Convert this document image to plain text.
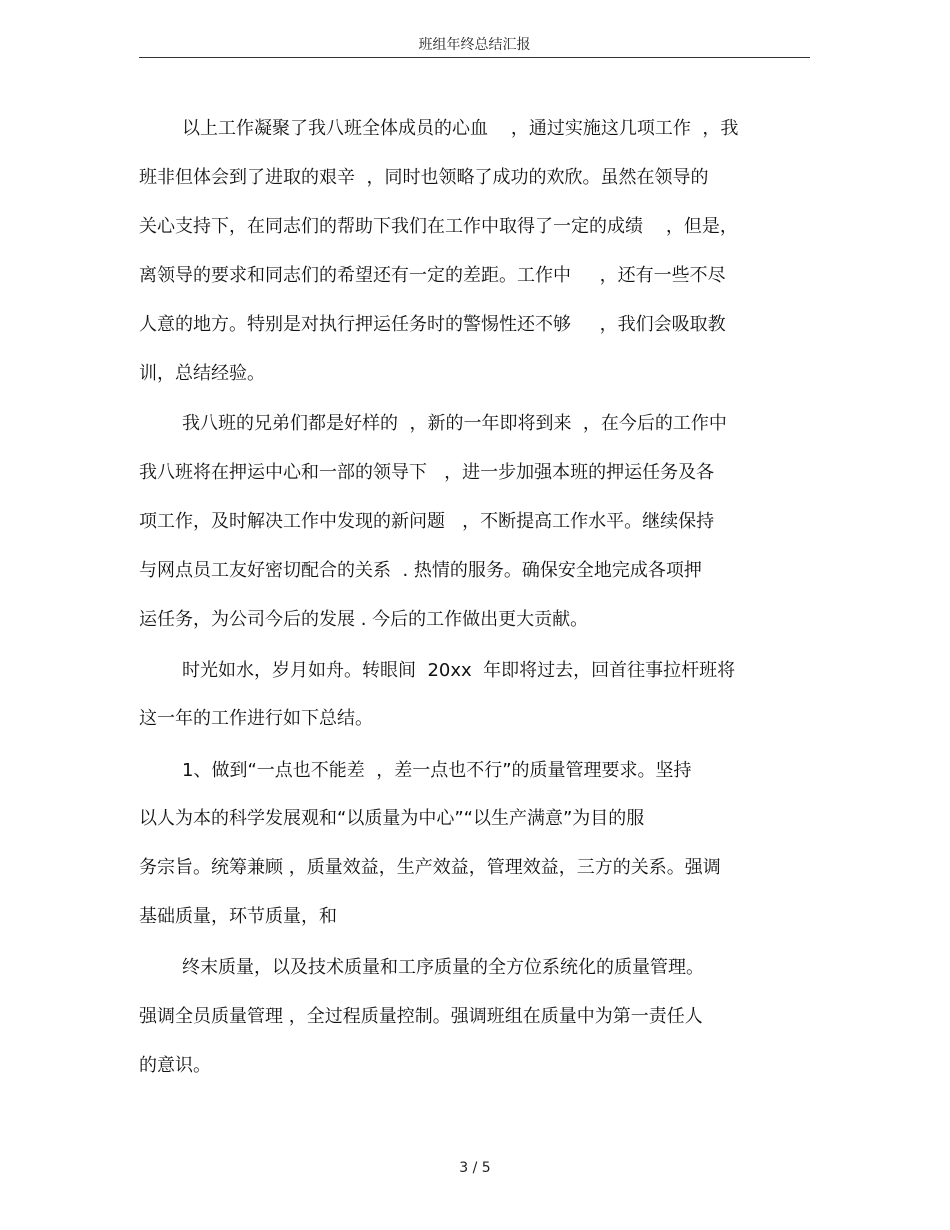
班组年终总结汇报
以上工作凝聚了我八班全体成员的心血    ，通过实施这几项工作  ，我
班非但体会到了进取的艰辛  ，同时也领略了成功的欢欣。虽然在领导的
关心支持下，在同志们的帮助下我们在工作中取得了一定的成绩    ，但是，
离领导的要求和同志们的希望还有一定的差距。工作中     ，还有一些不尽
人意的地方。特别是对执行押运任务时的警惕性还不够     ，我们会吸取教
训，总结经验。
我八班的兄弟们都是好样的  ，新的一年即将到来  ，在今后的工作中
我八班将在押运中心和一部的领导下   ，进一步加强本班的押运任务及各
项工作，及时解决工作中发现的新问题   ，不断提高工作水平。继续保持
与网点员工友好密切配合的关系  . 热情的服务。确保安全地完成各项押
运任务，为公司今后的发展 . 今后的工作做出更大贡献。
时光如水，岁月如舟。转眼间  20xx  年即将过去，回首往事拉杆班将
这一年的工作进行如下总结。
1、做到“一点也不能差  ，差一点也不行”的质量管理要求。坚持
以人为本的科学发展观和“以质量为中心”“以生产满意”为目的服
务宗旨。统筹兼顾 ，质量效益，生产效益，管理效益，三方的关系。强调
基础质量，环节质量，和
终末质量，以及技术质量和工序质量的全方位系统化的质量管理。
强调全员质量管理 ，全过程质量控制。强调班组在质量中为第一责任人
的意识。
3 / 5
